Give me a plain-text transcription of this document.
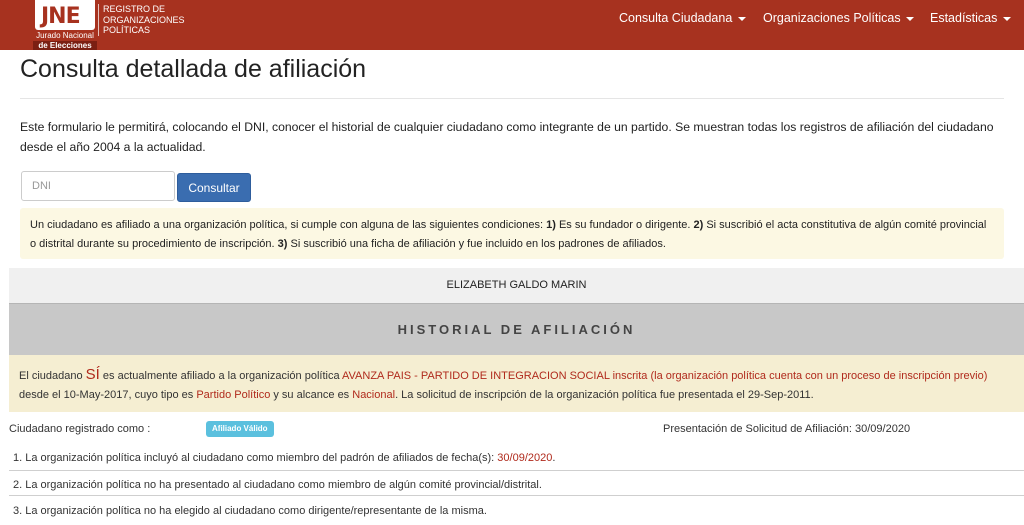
JNE
Jurado Nacional
de Elecciones
REGISTRO DE ORGANIZACIONES POLÍTICAS
Consulta Ciudadana	Organizaciones Políticas	Estadísticas
Consulta detallada de afiliación

Este formulario le permitirá, colocando el DNI, conocer el historial de cualquier ciudadano como integrante de un partido. Se muestran todas los registros de afiliación del ciudadano desde el año 2004 a la actualidad.

DNI
Consultar
Un ciudadano es afiliado a una organización política, si cumple con alguna de las siguientes condiciones: 1) Es su fundador o dirigente. 2) Si suscribió el acta constitutiva de algún comité provincial o distrital durante su procedimiento de inscripción. 3) Si suscribió una ficha de afiliación y fue incluido en los padrones de afiliados.
ELIZABETH GALDO MARIN
HISTORIAL DE AFILIACIÓN
El ciudadano SÍ es actualmente afiliado a la organización política AVANZA PAIS - PARTIDO DE INTEGRACION SOCIAL inscrita (la organización política cuenta con un proceso de inscripción previo) desde el 10-May-2017, cuyo tipo es Partido Político y su alcance es Nacional. La solicitud de inscripción de la organización política fue presentada el 29-Sep-2011.
Ciudadano registrado como :	Afiliado Válido	Presentación de Solicitud de Afiliación: 30/09/2020
1. La organización política incluyó al ciudadano como miembro del padrón de afiliados de fecha(s): 30/09/2020.
2. La organización política no ha presentado al ciudadano como miembro de algún comité provincial/distrital.
3. La organización política no ha elegido al ciudadano como dirigente/representante de la misma.
